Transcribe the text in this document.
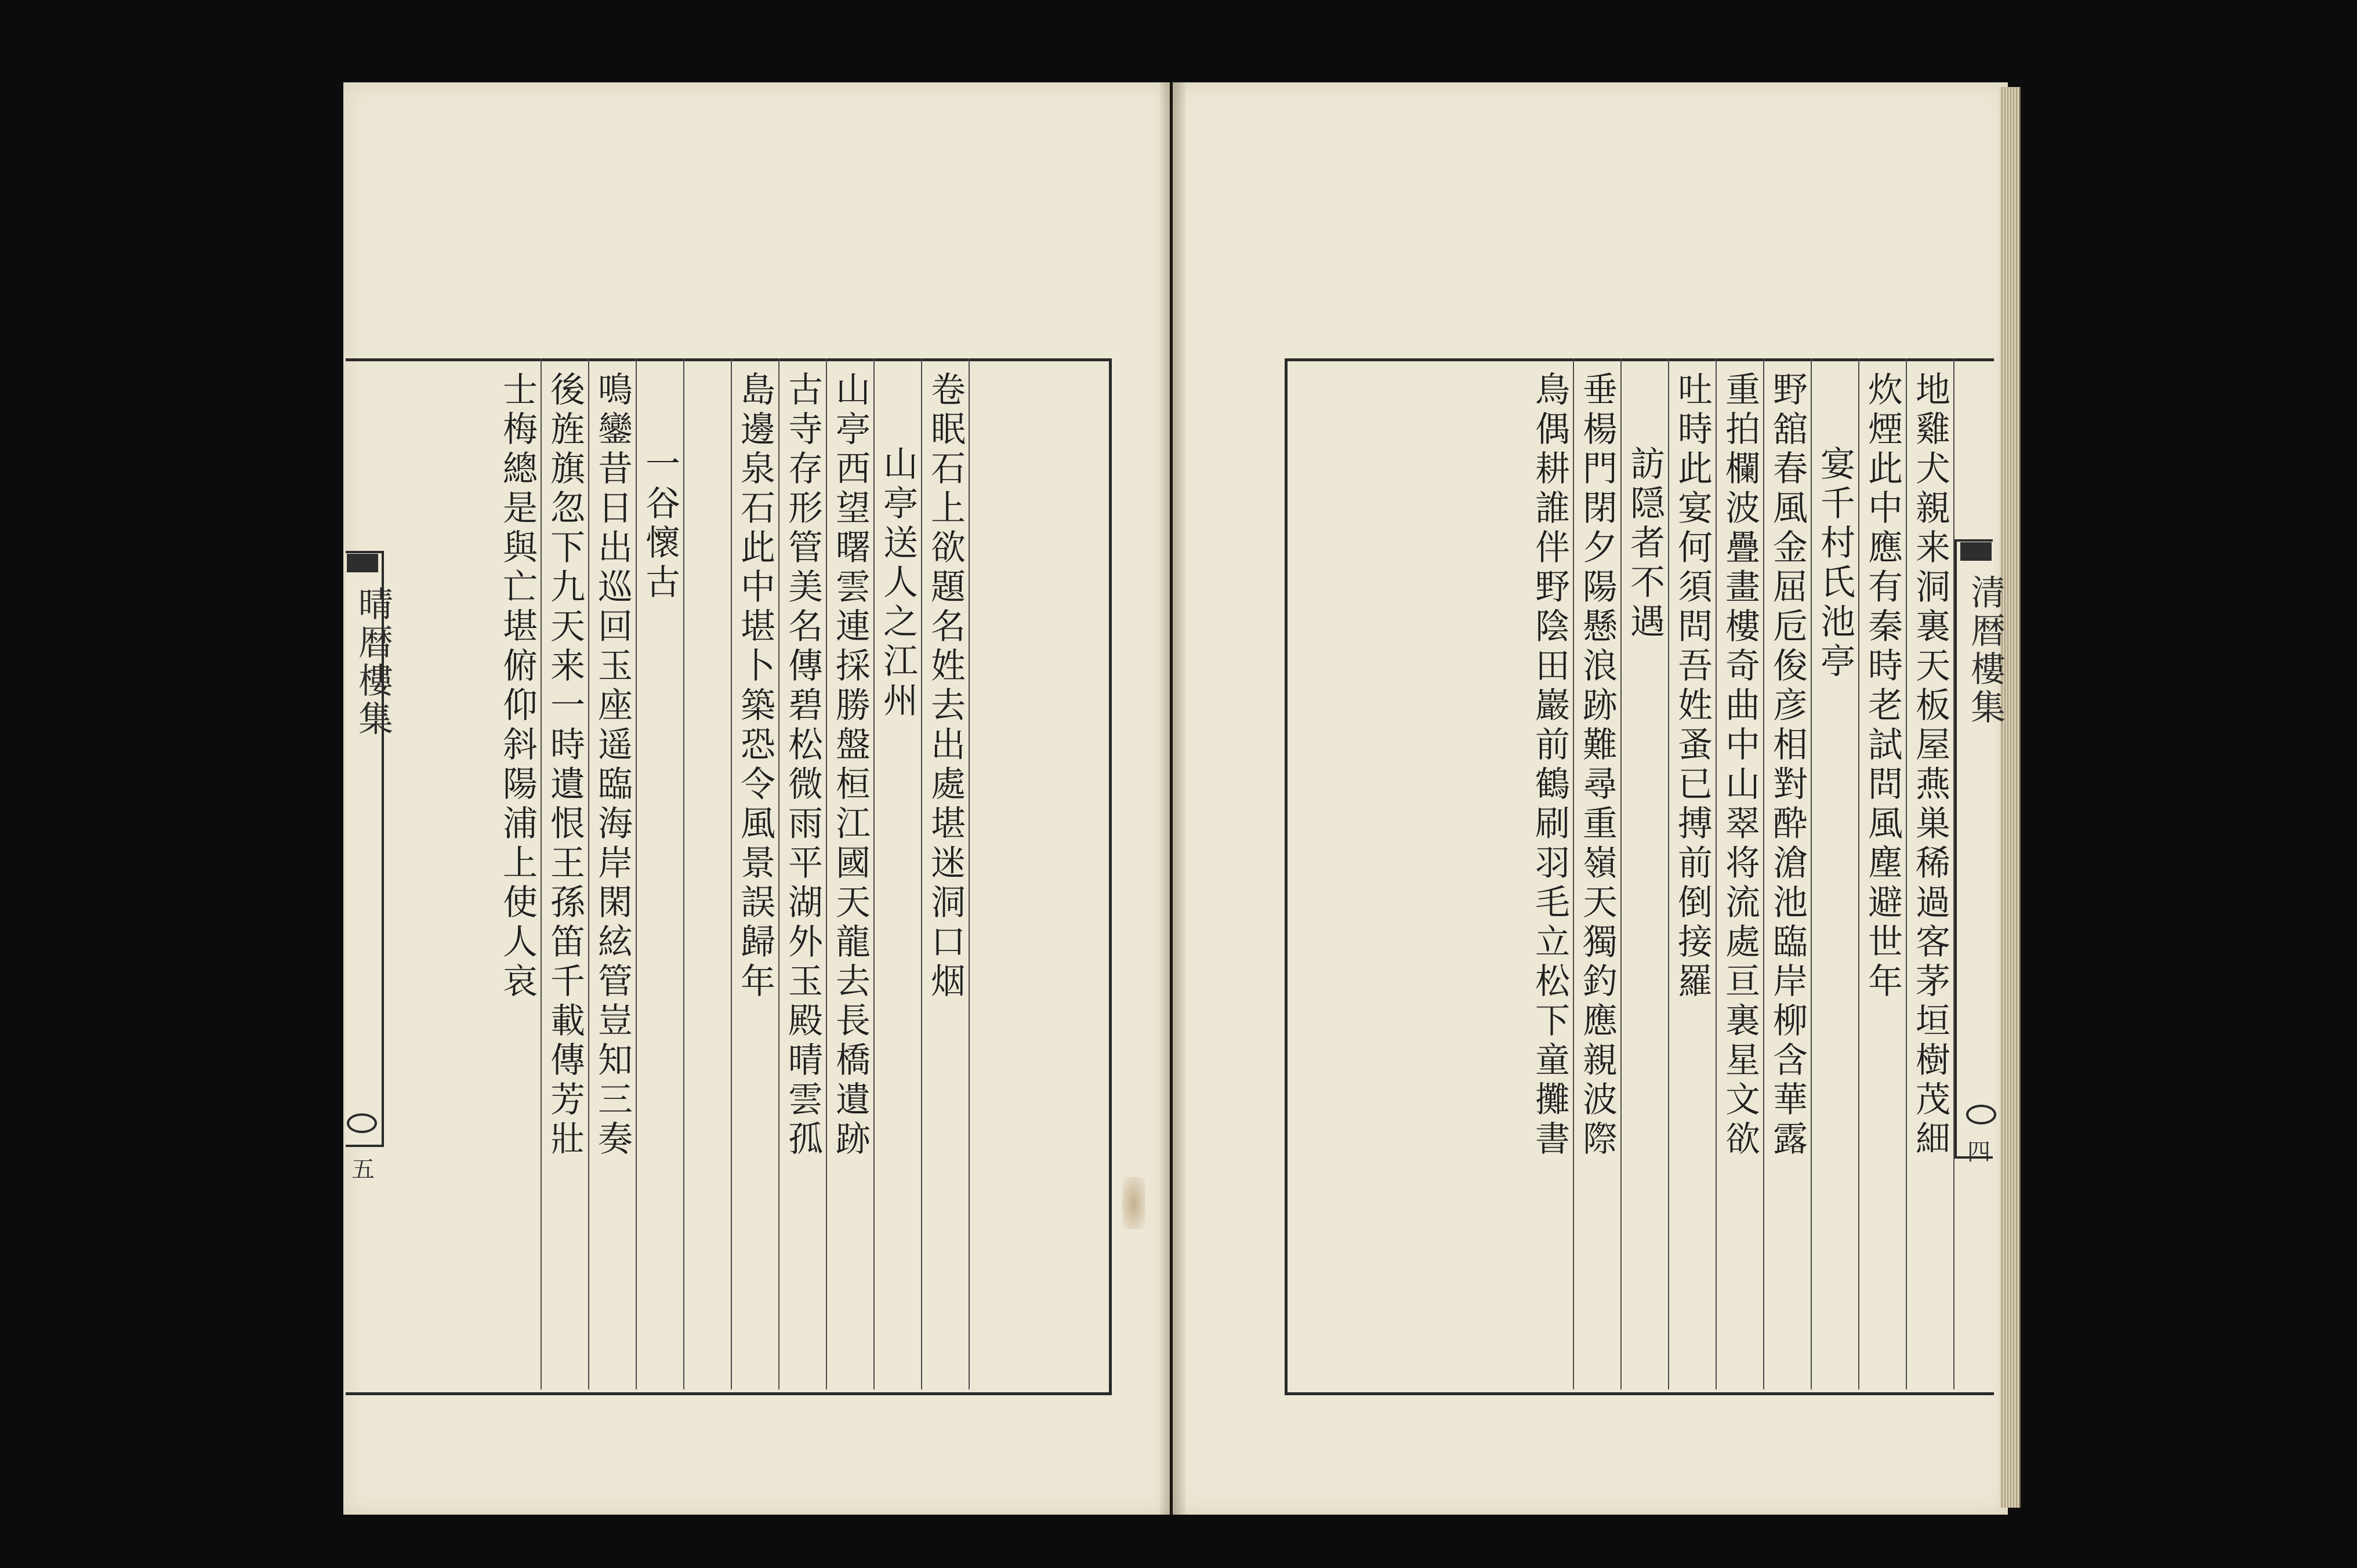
晴暦樓集
五
卷眠石上欲題名姓去出處堪迷洞口烟
山亭送人之江州
山亭西望曙雲連採勝盤桓江國天龍去長橋遺跡
古寺存形管美名傳碧松微雨平湖外玉殿晴雲孤
島邊泉石此中堪卜築恐令風景誤歸年
一谷懷古
鳴鑾昔日出巡回玉座遥臨海岸閑絃管豈知三奏
後旌旗忽下九天来一時遺恨王孫笛千載傳芳壯
士梅總是與亡堪俯仰斜陽浦上使人哀	清暦樓集
四
地雞犬親来洞裏天板屋燕巣稀過客茅垣樹茂細
炊煙此中應有秦時老試問風塵避世年
宴千村氏池亭
野舘春風金屈卮俊彦相對酔滄池臨岸柳含華露
重拍欄波疊畫樓奇曲中山翠将流處亘裏星文欲
吐時此宴何須問吾姓蚤已搏前倒接羅
訪隠者不遇
垂楊門閉夕陽懸浪跡難尋重嶺天獨釣應親波際
鳥偶耕誰伴野陰田巖前鶴刷羽毛立松下童攤書
